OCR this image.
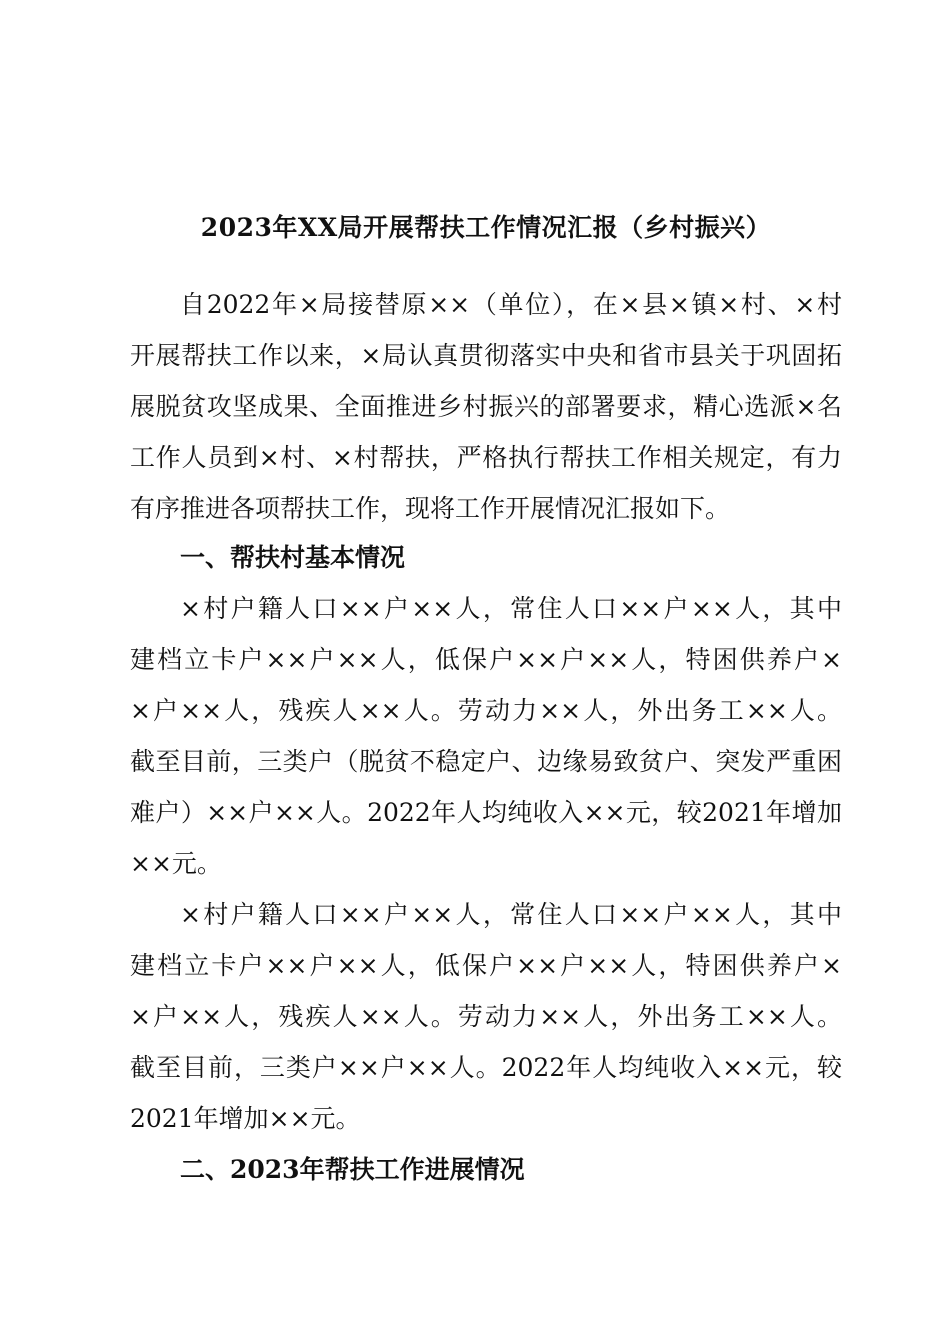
2023年XX局开展帮扶工作情况汇报（乡村振兴）
自2022年×局接替原××（单位），在×县×镇×村、×村
开展帮扶工作以来，×局认真贯彻落实中央和省市县关于巩固拓
展脱贫攻坚成果、全面推进乡村振兴的部署要求，精心选派×名
工作人员到×村、×村帮扶，严格执行帮扶工作相关规定，有力
有序推进各项帮扶工作，现将工作开展情况汇报如下。
一、帮扶村基本情况
×村户籍人口××户××人，常住人口××户××人，其中
建档立卡户××户××人，低保户××户××人，特困供养户×
×户××人，残疾人××人。劳动力××人，外出务工××人。
截至目前，三类户（脱贫不稳定户、边缘易致贫户、突发严重困
难户）××户××人。2022年人均纯收入××元，较2021年增加
××元。
×村户籍人口××户××人，常住人口××户××人，其中
建档立卡户××户××人，低保户××户××人，特困供养户×
×户××人，残疾人××人。劳动力××人，外出务工××人。
截至目前，三类户××户××人。2022年人均纯收入××元，较
2021年增加××元。
二、2023年帮扶工作进展情况
